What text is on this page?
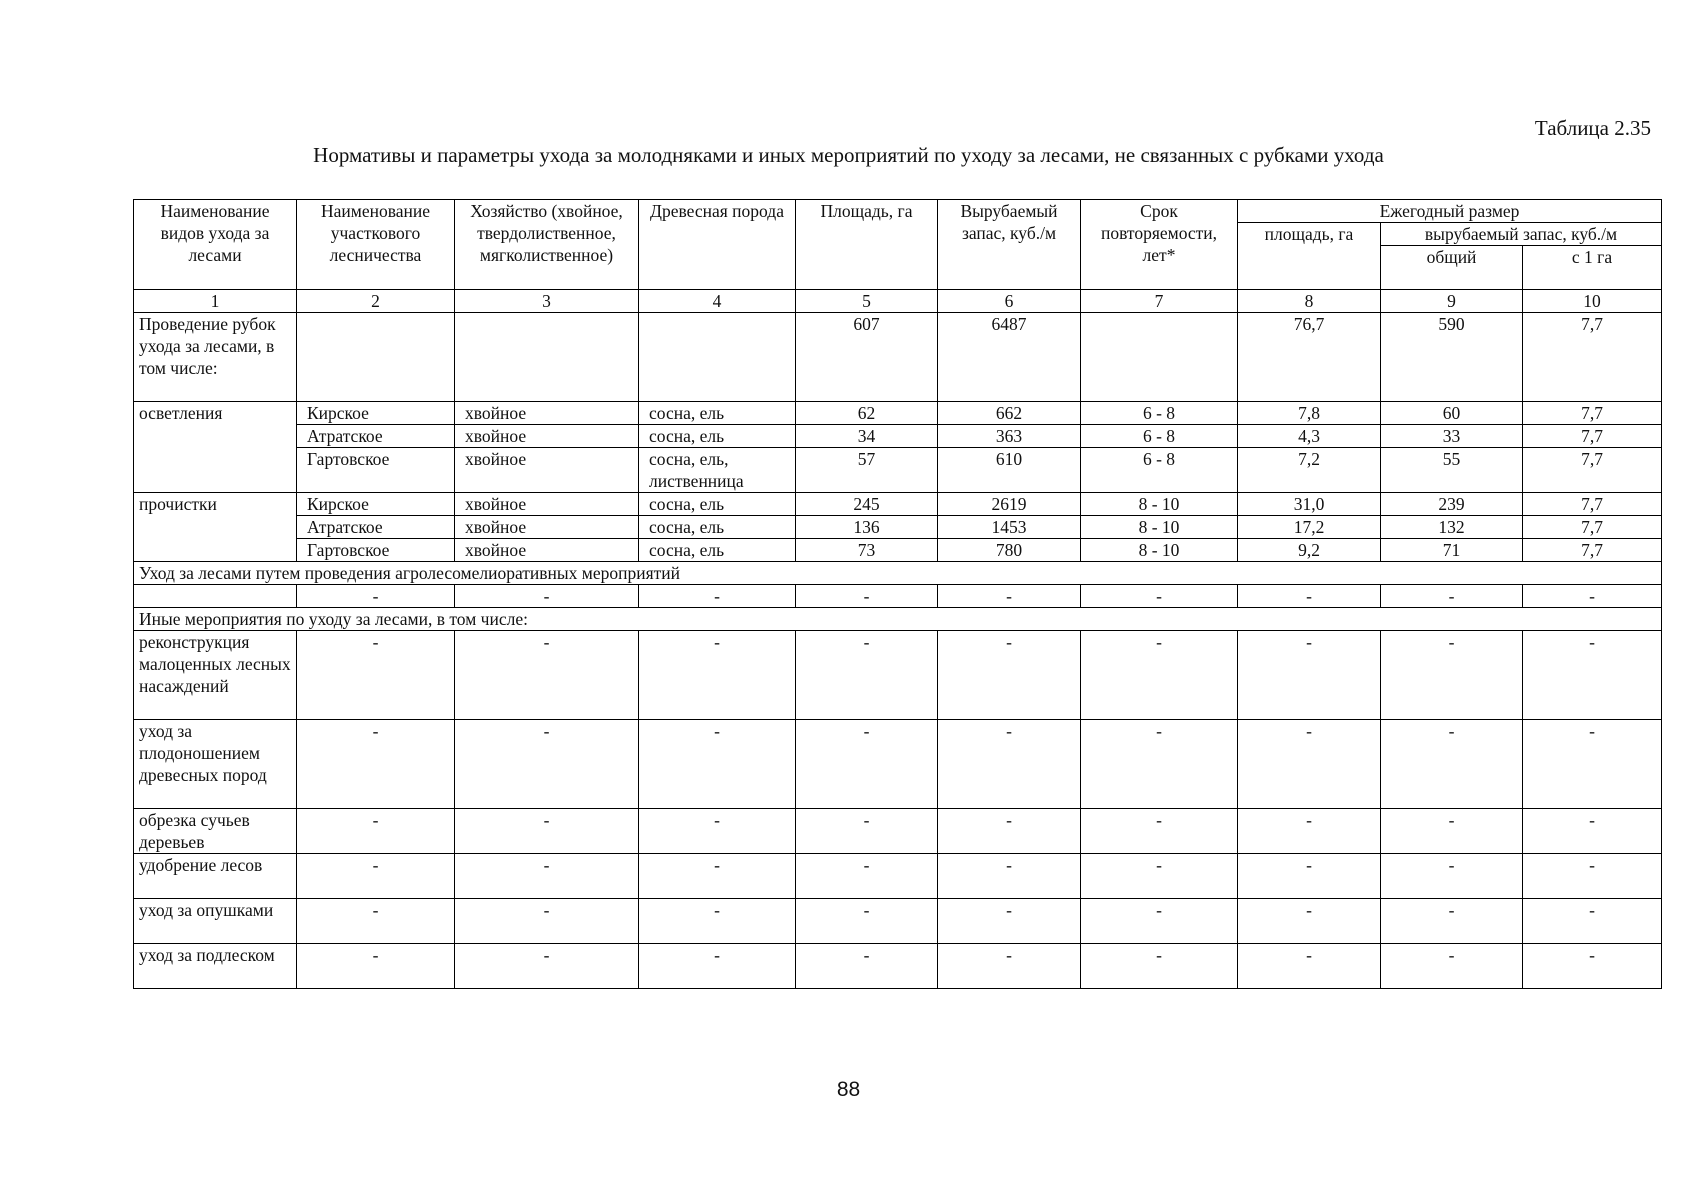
Таблица 2.35
Нормативы и параметры ухода за молодняками и иных мероприятий по уходу за лесами, не связанных с рубками ухода
Наименование видов ухода за лесами	Наименование участкового лесничества	Хозяйство (хвойное, твердолиственное, мягколиственное)	Древесная порода	Площадь, га	Вырубаемый запас, куб./м	Срок повторяемости, лет*	Ежегодный размер		
							площадь, га	вырубаемый запас, куб./м	
								общий	с 1 га
1	2	3	4	5	6	7	8	9	10
Проведение рубок ухода за лесами, в том числе:				607	6487		76,7	590	7,7
осветления	Кирское	хвойное	сосна, ель	62	662	6 - 8	7,8	60	7,7
	Атратское	хвойное	сосна, ель	34	363	6 - 8	4,3	33	7,7
	Гартовское	хвойное	сосна, ель, лиственница	57	610	6 - 8	7,2	55	7,7
прочистки	Кирское	хвойное	сосна, ель	245	2619	8 - 10	31,0	239	7,7
	Атратское	хвойное	сосна, ель	136	1453	8 - 10	17,2	132	7,7
	Гартовское	хвойное	сосна, ель	73	780	8 - 10	9,2	71	7,7
Уход за лесами путем проведения агролесомелиоративных мероприятий									
	-	-	-	-	-	-	-	-	-
Иные мероприятия по уходу за лесами, в том числе:									
реконструкция малоценных лесных насаждений	-	-	-	-	-	-	-	-	-
уход за плодоношением древесных пород	-	-	-	-	-	-	-	-	-
обрезка сучьев деревьев	-	-	-	-	-	-	-	-	-
удобрение лесов	-	-	-	-	-	-	-	-	-
уход за опушками	-	-	-	-	-	-	-	-	-
уход за подлеском	-	-	-	-	-	-	-	-	-
88
